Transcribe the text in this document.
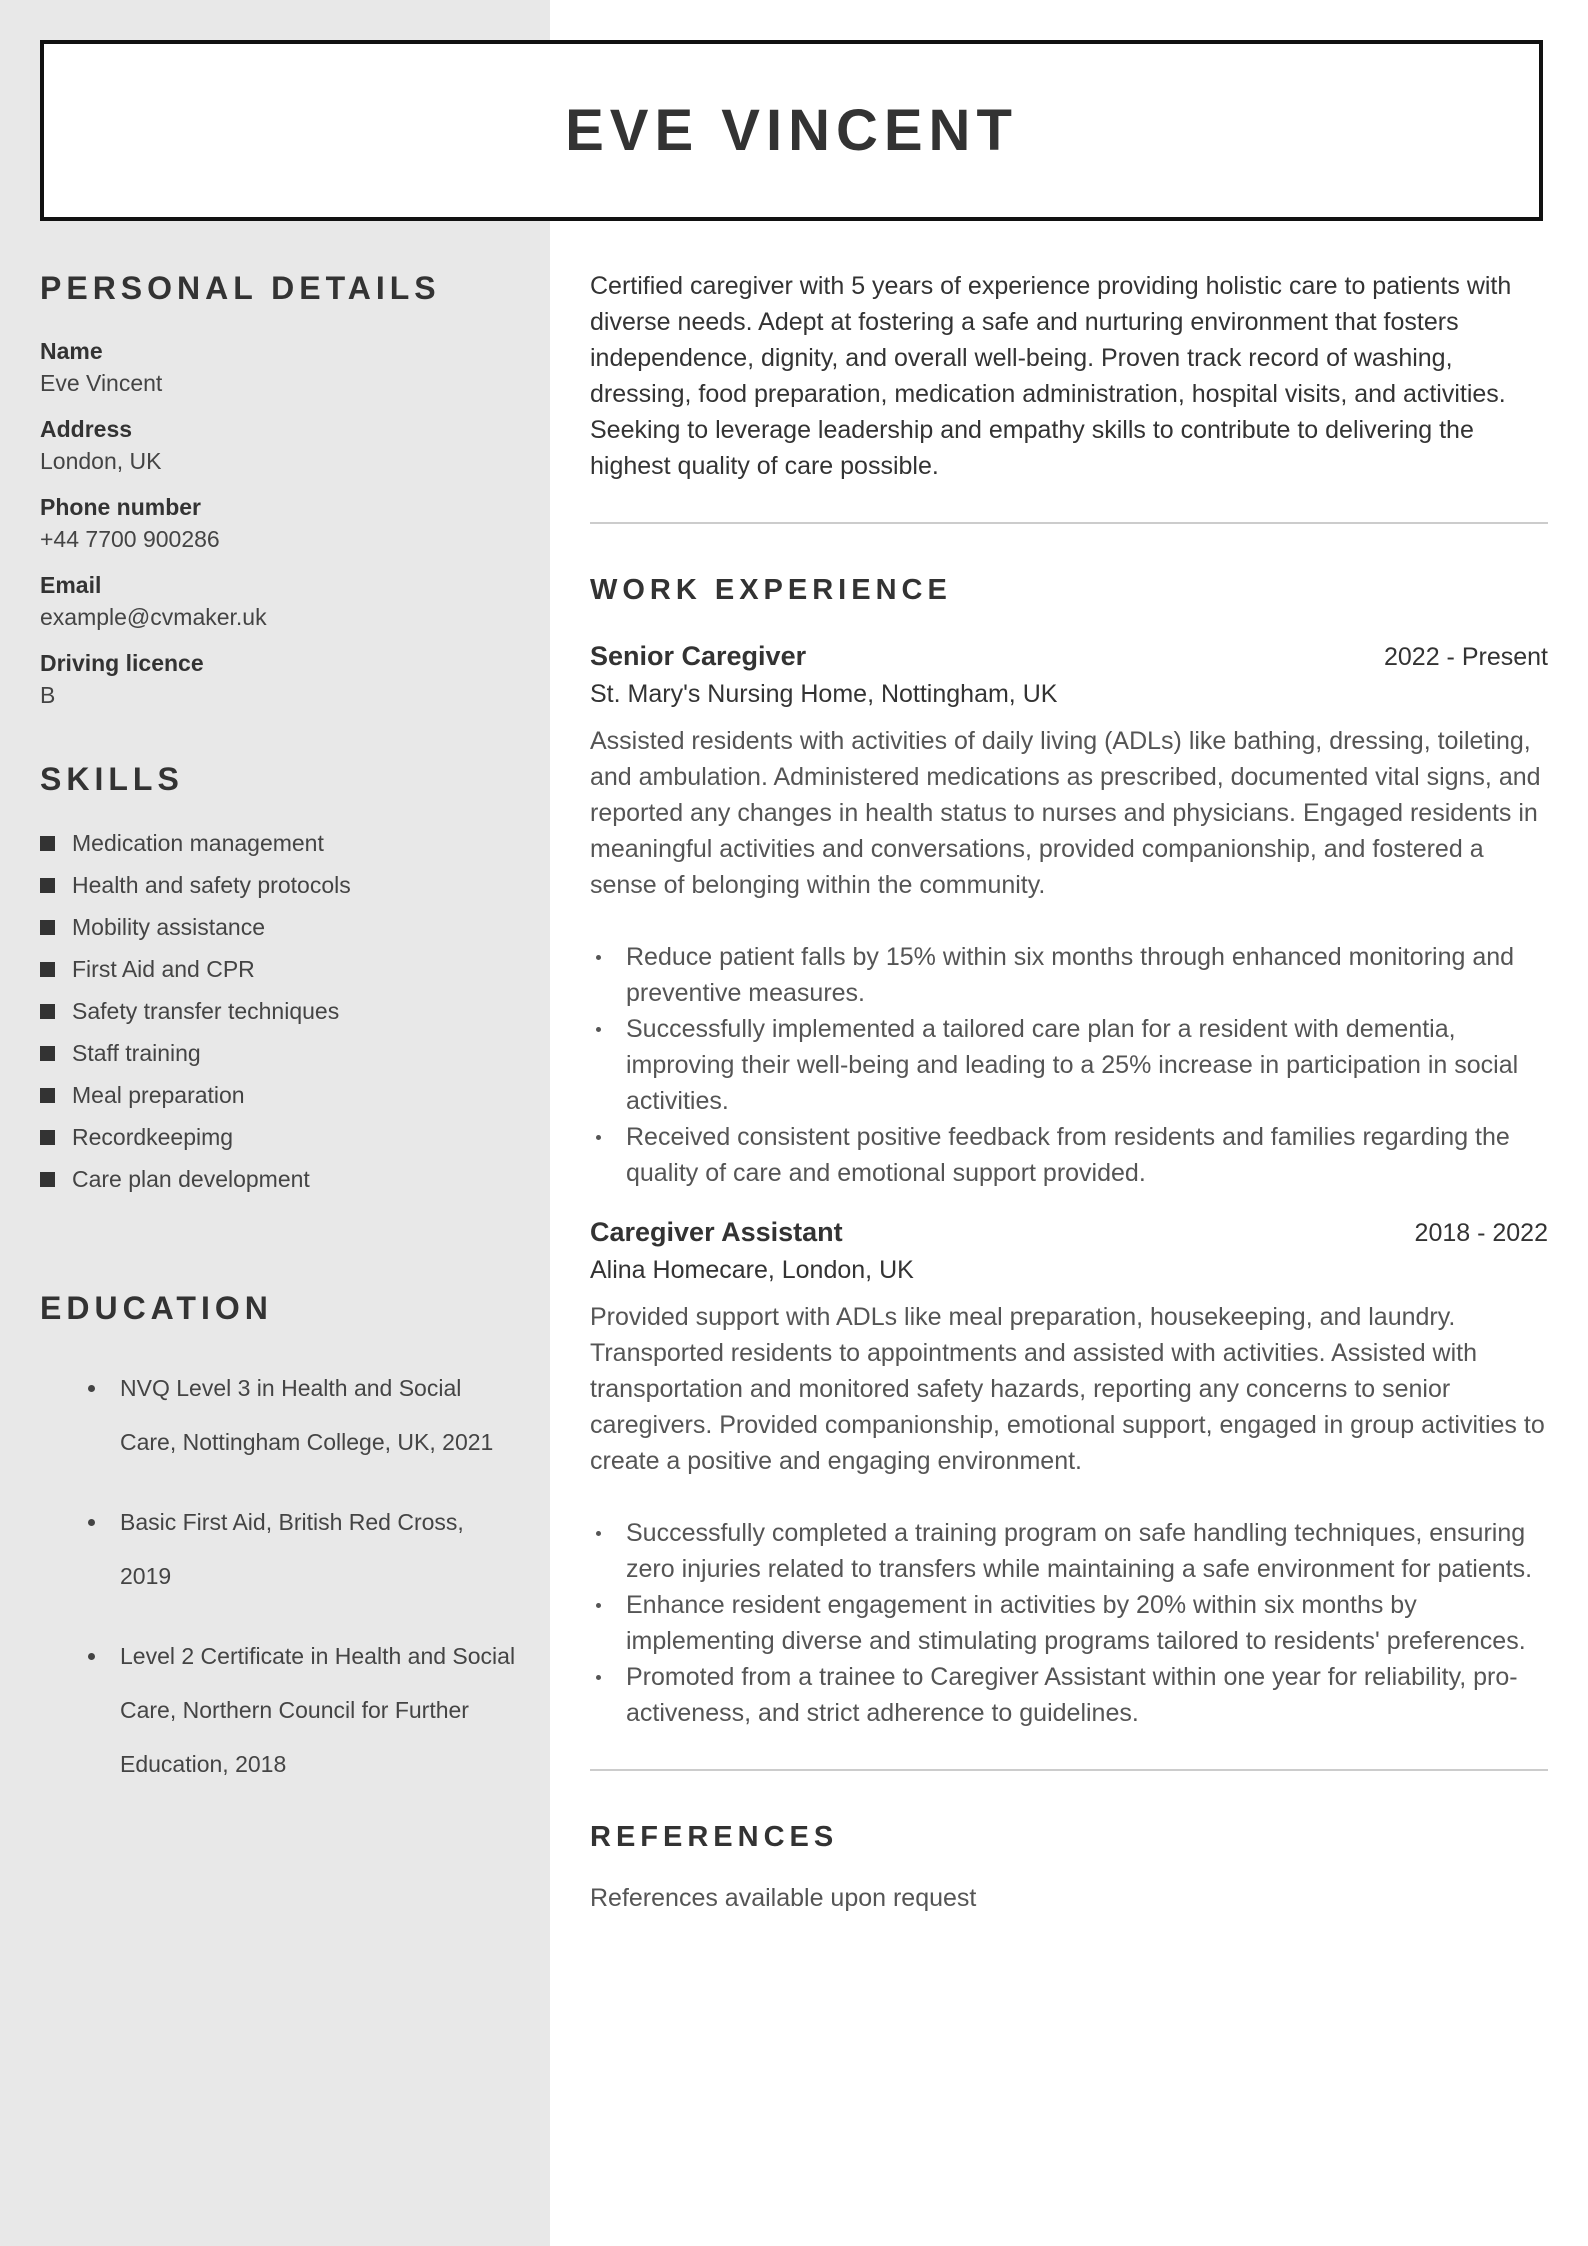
EVE VINCENT
PERSONAL DETAILS
Name
Eve Vincent
Address
London, UK
Phone number
+44 7700 900286
Email
example@cvmaker.uk
Driving licence
B
SKILLS
Medication management
Health and safety protocols
Mobility assistance
First Aid and CPR
Safety transfer techniques
Staff training
Meal preparation
Recordkeepimg
Care plan development
EDUCATION
NVQ Level 3 in Health and Social Care, Nottingham College, UK, 2021
Basic First Aid, British Red Cross, 2019
Level 2 Certificate in Health and Social Care, Northern Council for Further Education, 2018

Certified caregiver with 5 years of experience providing holistic care to patients with diverse needs. Adept at fostering a safe and nurturing environment that fosters independence, dignity, and overall well-being. Proven track record of washing, dressing, food preparation, medication administration, hospital visits, and activities. Seeking to leverage leadership and empathy skills to contribute to delivering the highest quality of care possible.

WORK EXPERIENCE
Senior Caregiver	2022 - Present
St. Mary's Nursing Home, Nottingham, UK
Assisted residents with activities of daily living (ADLs) like bathing, dressing, toileting, and ambulation. Administered medications as prescribed, documented vital signs, and reported any changes in health status to nurses and physicians. Engaged residents in meaningful activities and conversations, provided companionship, and fostered a sense of belonging within the community.
Reduce patient falls by 15% within six months through enhanced monitoring and preventive measures.
Successfully implemented a tailored care plan for a resident with dementia, improving their well-being and leading to a 25% increase in participation in social activities.
Received consistent positive feedback from residents and families regarding the quality of care and emotional support provided.
Caregiver Assistant	2018 - 2022
Alina Homecare, London, UK
Provided support with ADLs like meal preparation, housekeeping, and laundry. Transported residents to appointments and assisted with activities. Assisted with transportation and monitored safety hazards, reporting any concerns to senior caregivers. Provided companionship, emotional support, engaged in group activities to create a positive and engaging environment.
Successfully completed a training program on safe handling techniques, ensuring zero injuries related to transfers while maintaining a safe environment for patients.
Enhance resident engagement in activities by 20% within six months by implementing diverse and stimulating programs tailored to residents' preferences.
Promoted from a trainee to Caregiver Assistant within one year for reliability, pro-activeness, and strict adherence to guidelines.
REFERENCES
References available upon request
